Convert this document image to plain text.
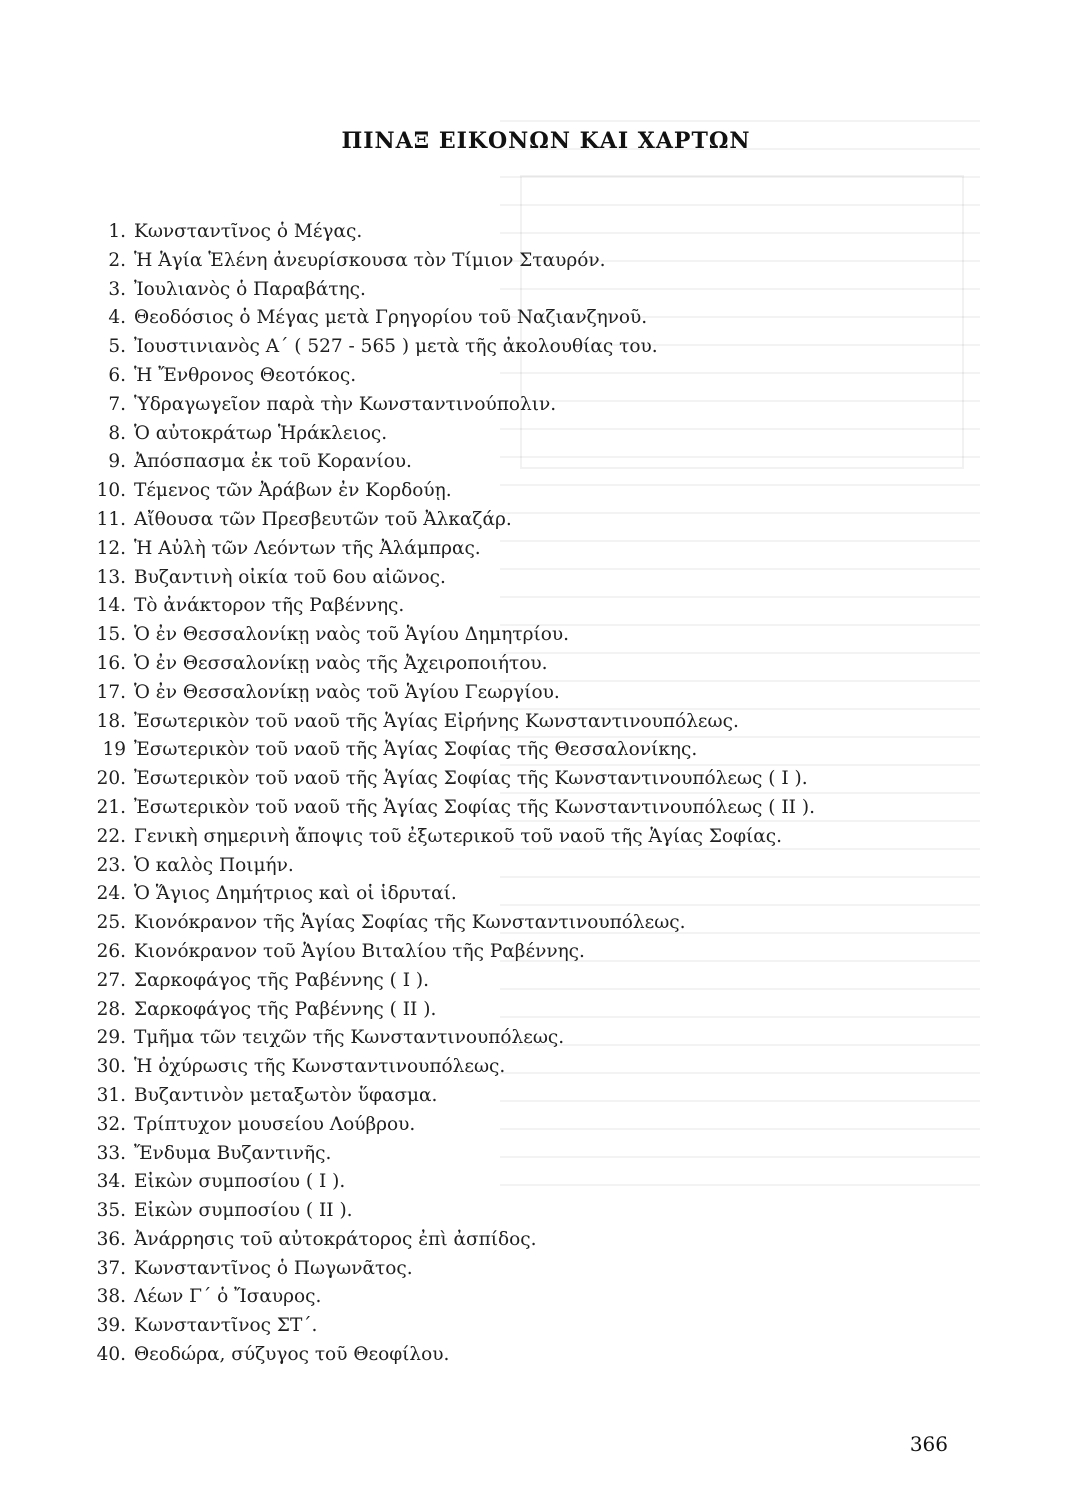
ΠΙΝΑΞ ΕΙΚΟΝΩΝ ΚΑΙ ΧΑΡΤΩΝ
1. Κωνσταντῖνος ὁ Μέγας.
2. Ἡ Ἁγία Ἑλένη ἀνευρίσκουσα τὸν Τίμιον Σταυρόν.
3. Ἰουλιανὸς ὁ Παραβάτης.
4. Θεοδόσιος ὁ Μέγας μετὰ Γρηγορίου τοῦ Ναζιανζηνοῦ.
5. Ἰουστινιανὸς Α΄ ( 527 - 565 ) μετὰ τῆς ἀκολουθίας του.
6. Ἡ Ἔνθρονος Θεοτόκος.
7. Ὑδραγωγεῖον παρὰ τὴν Κωνσταντινούπολιν.
8. Ὁ αὐτοκράτωρ Ἡράκλειος.
9. Ἀπόσπασμα ἐκ τοῦ Κορανίου.
10. Τέμενος τῶν Ἀράβων ἐν Κορδούῃ.
11. Αἴθουσα τῶν Πρεσβευτῶν τοῦ Ἀλκαζάρ.
12. Ἡ Αὐλὴ τῶν Λεόντων τῆς Ἀλάμπρας.
13. Βυζαντινὴ οἰκία τοῦ 6ου αἰῶνος.
14. Τὸ ἀνάκτορον τῆς Ραβέννης.
15. Ὁ ἐν Θεσσαλονίκῃ ναὸς τοῦ Ἁγίου Δημητρίου.
16. Ὁ ἐν Θεσσαλονίκῃ ναὸς τῆς Ἀχειροποιήτου.
17. Ὁ ἐν Θεσσαλονίκῃ ναὸς τοῦ Ἁγίου Γεωργίου.
18. Ἐσωτερικὸν τοῦ ναοῦ τῆς Ἁγίας Εἰρήνης Κωνσταντινουπόλεως.
19 Ἐσωτερικὸν τοῦ ναοῦ τῆς Ἁγίας Σοφίας τῆς Θεσσαλονίκης.
20. Ἐσωτερικὸν τοῦ ναοῦ τῆς Ἁγίας Σοφίας τῆς Κωνσταντινουπόλεως ( Ι ).
21. Ἐσωτερικὸν τοῦ ναοῦ τῆς Ἁγίας Σοφίας τῆς Κωνσταντινουπόλεως ( ΙΙ ).
22. Γενικὴ σημερινὴ ἄποψις τοῦ ἐξωτερικοῦ τοῦ ναοῦ τῆς Ἁγίας Σοφίας.
23. Ὁ καλὸς Ποιμήν.
24. Ὁ Ἅγιος Δημήτριος καὶ οἱ ἱδρυταί.
25. Κιονόκρανον τῆς Ἁγίας Σοφίας τῆς Κωνσταντινουπόλεως.
26. Κιονόκρανον τοῦ Ἁγίου Βιταλίου τῆς Ραβέννης.
27. Σαρκοφάγος τῆς Ραβέννης ( Ι ).
28. Σαρκοφάγος τῆς Ραβέννης ( ΙΙ ).
29. Τμῆμα τῶν τειχῶν τῆς Κωνσταντινουπόλεως.
30. Ἡ ὀχύρωσις τῆς Κωνσταντινουπόλεως.
31. Βυζαντινὸν μεταξωτὸν ὕφασμα.
32. Τρίπτυχον μουσείου Λούβρου.
33. Ἔνδυμα Βυζαντινῆς.
34. Εἰκὼν συμποσίου ( Ι ).
35. Εἰκὼν συμποσίου ( ΙΙ ).
36. Ἀνάρρησις τοῦ αὐτοκράτορος ἐπὶ ἀσπίδος.
37. Κωνσταντῖνος ὁ Πωγωνᾶτος.
38. Λέων Γ΄ ὁ Ἴσαυρος.
39. Κωνσταντῖνος ΣΤ΄.
40. Θεοδώρα, σύζυγος τοῦ Θεοφίλου.
366
